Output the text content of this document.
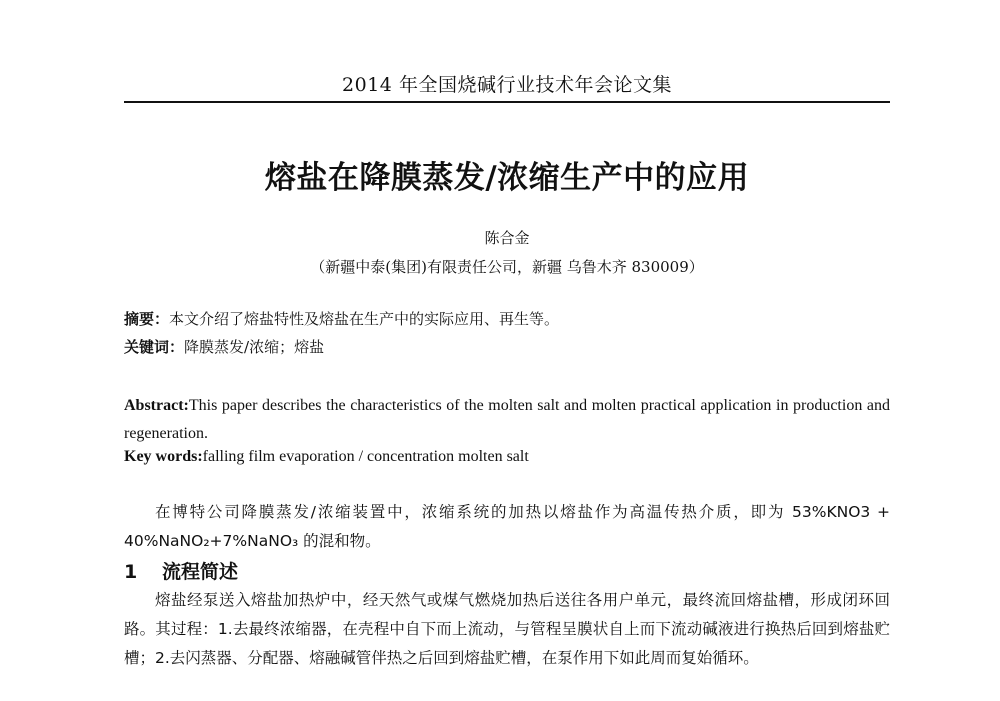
2014 年全国烧碱行业技术年会论文集
熔盐在降膜蒸发/浓缩生产中的应用
陈合金
（新疆中泰(集团)有限责任公司，新疆 乌鲁木齐 830009）
摘要：本文介绍了熔盐特性及熔盐在生产中的实际应用、再生等。
关键词：降膜蒸发/浓缩；熔盐
Abstract:This paper describes the characteristics of the molten salt and molten practical application in production and regeneration.
Key words:falling film evaporation / concentration molten salt
在博特公司降膜蒸发/浓缩装置中，浓缩系统的加热以熔盐作为高温传热介质，即为 53%KNO3 + 40%NaNO₂+7%NaNO₃ 的混和物。
1 流程简述
熔盐经泵送入熔盐加热炉中，经天然气或煤气燃烧加热后送往各用户单元，最终流回熔盐槽，形成闭环回路。其过程：1.去最终浓缩器，在壳程中自下而上流动，与管程呈膜状自上而下流动碱液进行换热后回到熔盐贮槽；2.去闪蒸器、分配器、熔融碱管伴热之后回到熔盐贮槽，在泵作用下如此周而复始循环。
